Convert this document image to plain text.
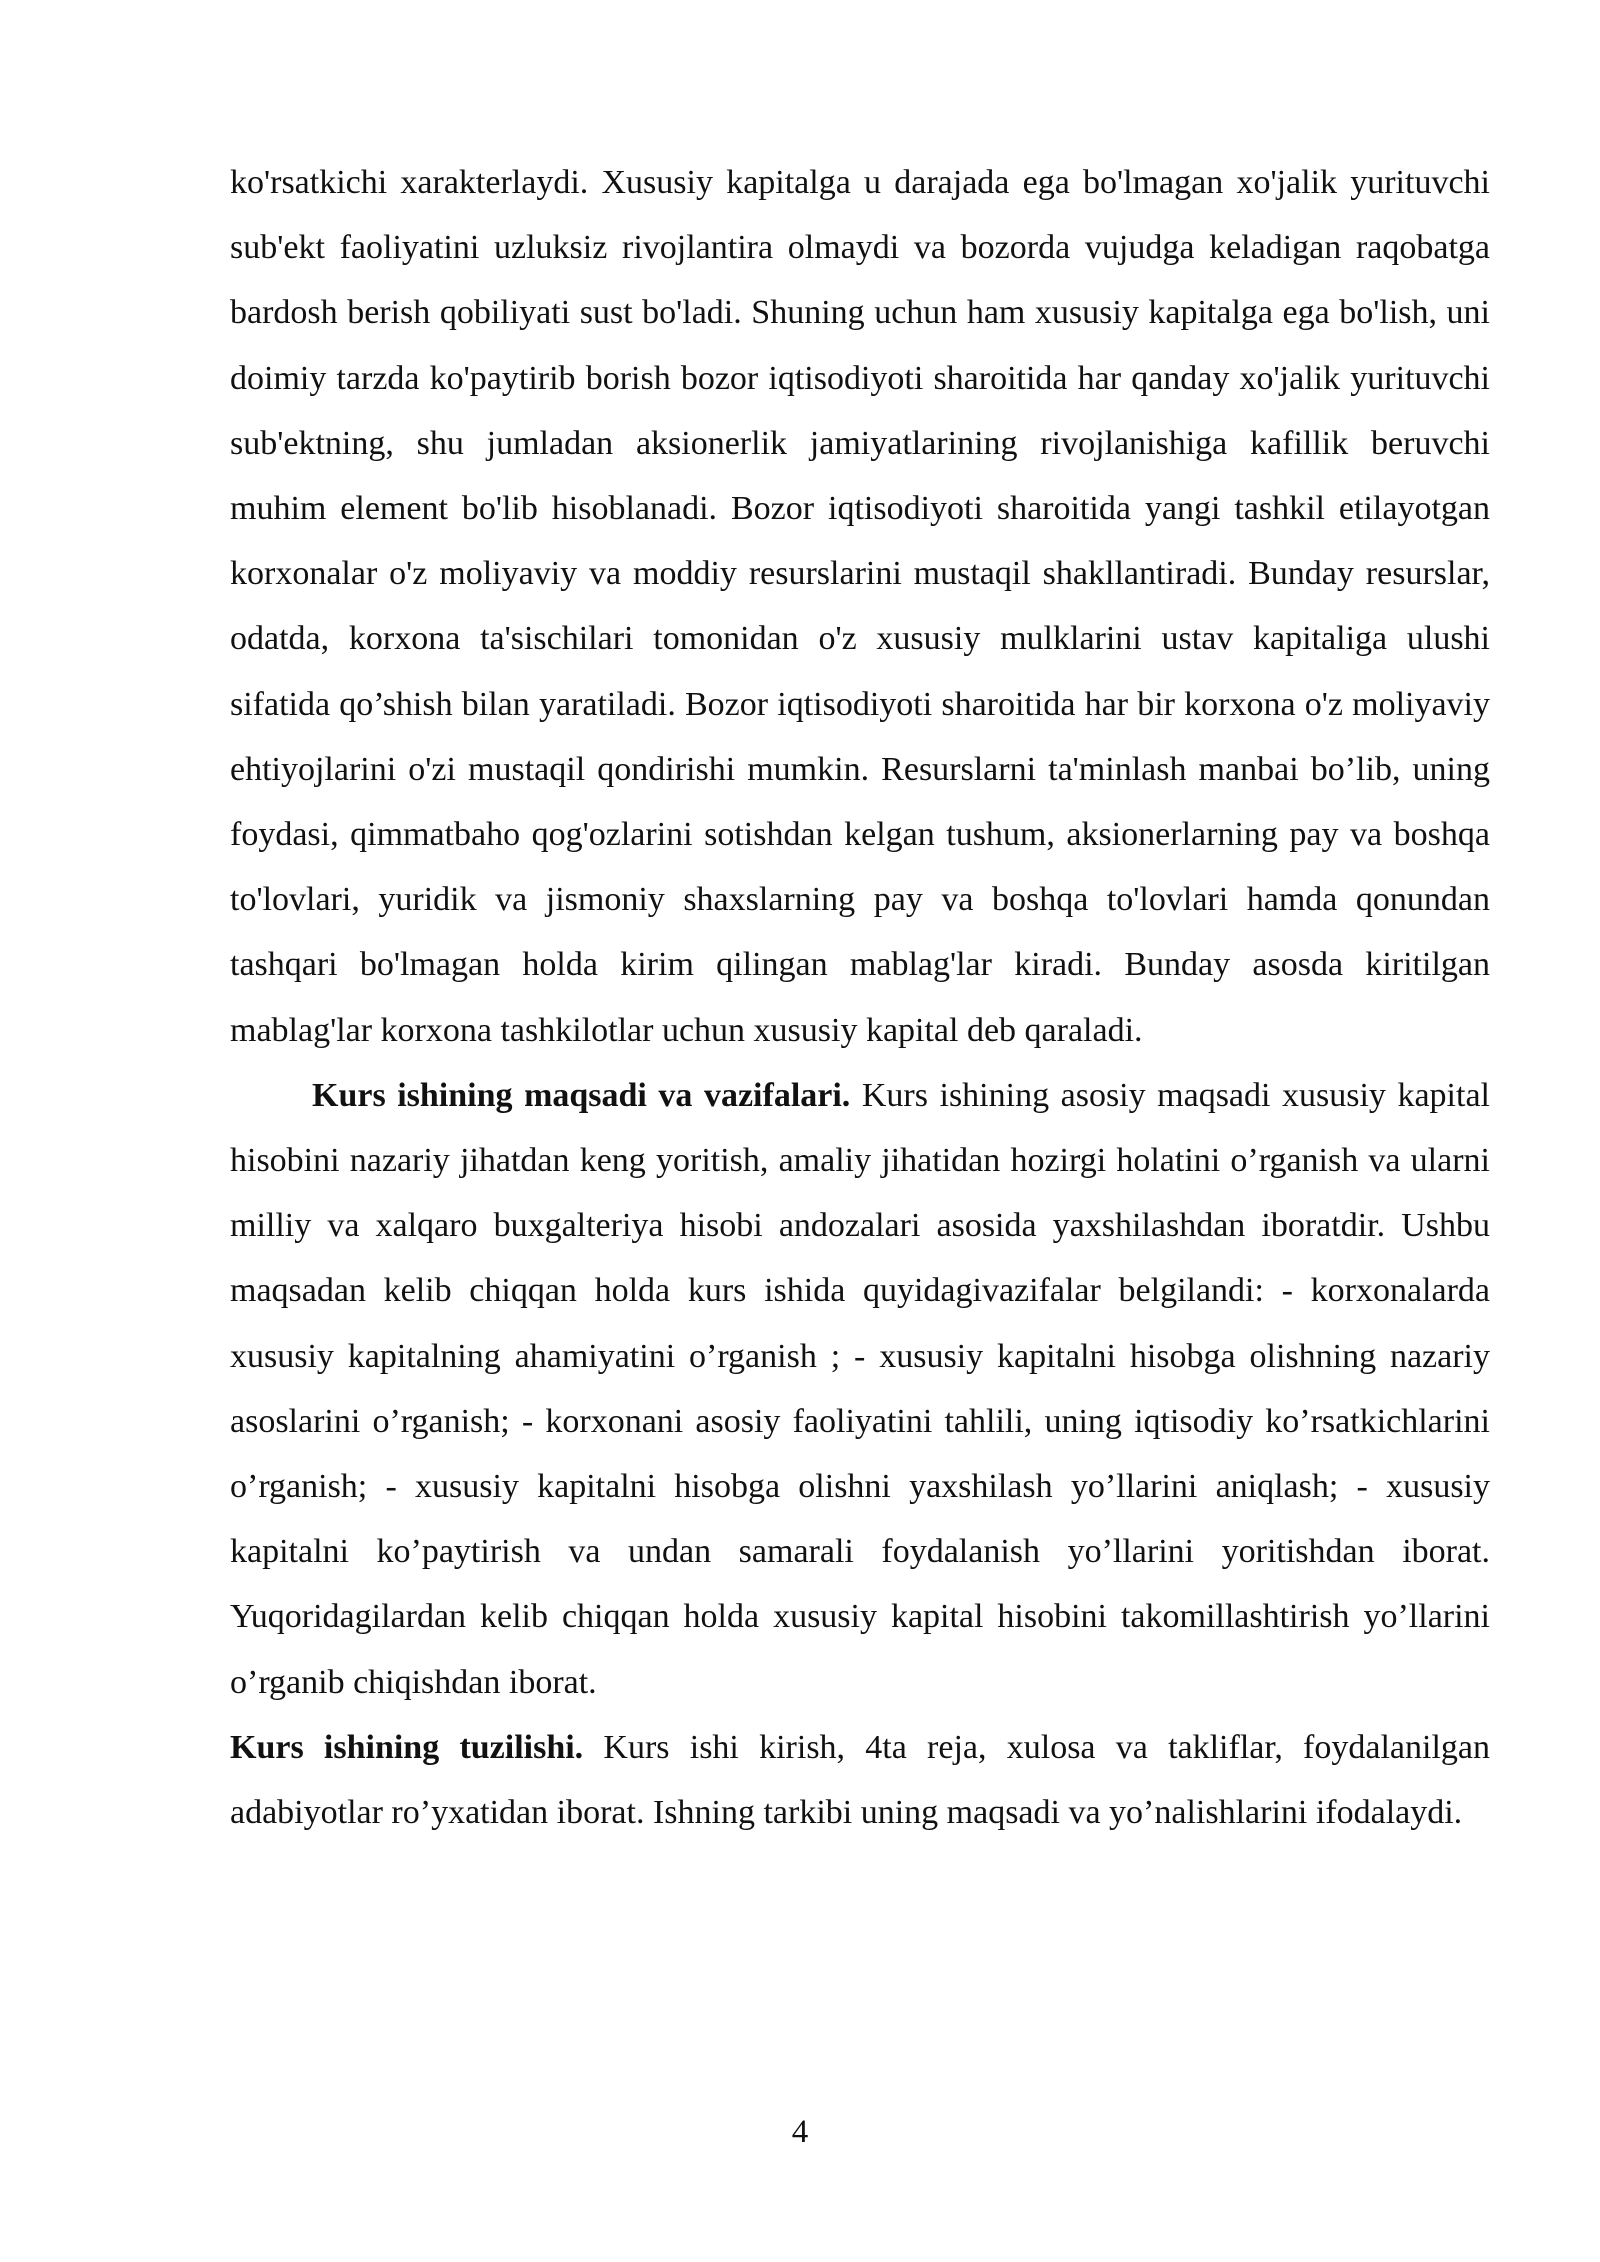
ko'rsatkichi xarakterlaydi. Xususiy kapitalga u darajada ega bo'lmagan xo'jalik yurituvchi sub'ekt faoliyatini uzluksiz rivojlantira olmaydi va bozorda vujudga keladigan raqobatga bardosh berish qobiliyati sust bo'ladi. Shuning uchun ham xususiy kapitalga ega bo'lish, uni doimiy tarzda ko'paytirib borish bozor iqtisodiyoti sharoitida har qanday xo'jalik yurituvchi sub'ektning, shu jumladan aksionerlik jamiyatlarining rivojlanishiga kafillik beruvchi muhim element bo'lib hisoblanadi. Bozor iqtisodiyoti sharoitida yangi tashkil etilayotgan korxonalar o'z moliyaviy va moddiy resurslarini mustaqil shakllantiradi. Bunday resurslar, odatda, korxona ta'sischilari tomonidan o'z xususiy mulklarini ustav kapitaliga ulushi sifatida qo’shish bilan yaratiladi. Bozor iqtisodiyoti sharoitida har bir korxona o'z moliyaviy ehtiyojlarini o'zi mustaqil qondirishi mumkin. Resurslarni ta'minlash manbai bo’lib, uning foydasi, qimmatbaho qog'ozlarini sotishdan kelgan tushum, aksionerlarning pay va boshqa to'lovlari, yuridik va jismoniy shaxslarning pay va boshqa to'lovlari hamda qonundan tashqari bo'lmagan holda kirim qilingan mablag'lar kiradi. Bunday asosda kiritilgan mablag'lar korxona tashkilotlar uchun xususiy kapital deb qaraladi.

Kurs ishining maqsadi va vazifalari. Kurs ishining asosiy maqsadi xususiy kapital hisobini nazariy jihatdan keng yoritish, amaliy jihatidan hozirgi holatini o’rganish va ularni milliy va xalqaro buxgalteriya hisobi andozalari asosida yaxshilashdan iboratdir. Ushbu maqsadan kelib chiqqan holda kurs ishida quyidagivazifalar belgilandi: - korxonalarda xususiy kapitalning ahamiyatini o’rganish ; - xususiy kapitalni hisobga olishning nazariy asoslarini o’rganish; - korxonani asosiy faoliyatini tahlili, uning iqtisodiy ko’rsatkichlarini o’rganish; - xususiy kapitalni hisobga olishni yaxshilash yo’llarini aniqlash; - xususiy kapitalni ko’paytirish va undan samarali foydalanish yo’llarini yoritishdan iborat. Yuqoridagilardan kelib chiqqan holda xususiy kapital hisobini takomillashtirish yo’llarini o’rganib chiqishdan iborat.

Kurs ishining tuzilishi. Kurs ishi kirish, 4ta reja, xulosa va takliflar, foydalanilgan adabiyotlar ro’yxatidan iborat. Ishning tarkibi uning maqsadi va yo’nalishlarini ifodalaydi.

4
